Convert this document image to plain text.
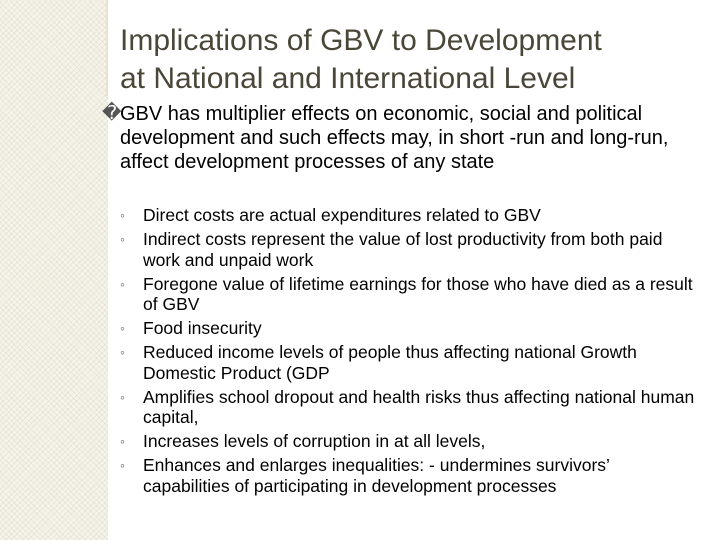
Implications of GBV to Development
at National and International Level
�
GBV has multiplier effects on economic, social and political development and such effects may, in short -run and long-run, affect development processes of any state
◦ Direct costs are actual expenditures related to GBV
◦ Indirect costs represent the value of lost productivity from both paid work and unpaid work
◦ Foregone value of lifetime earnings for those who have died as a result of GBV
◦ Food insecurity
◦ Reduced income levels of people thus affecting national Growth Domestic Product (GDP
◦ Amplifies school dropout and health risks thus affecting national human capital,
◦ Increases levels of corruption in at all levels,
◦ Enhances and enlarges inequalities: - undermines survivors’ capabilities of participating in development processes
